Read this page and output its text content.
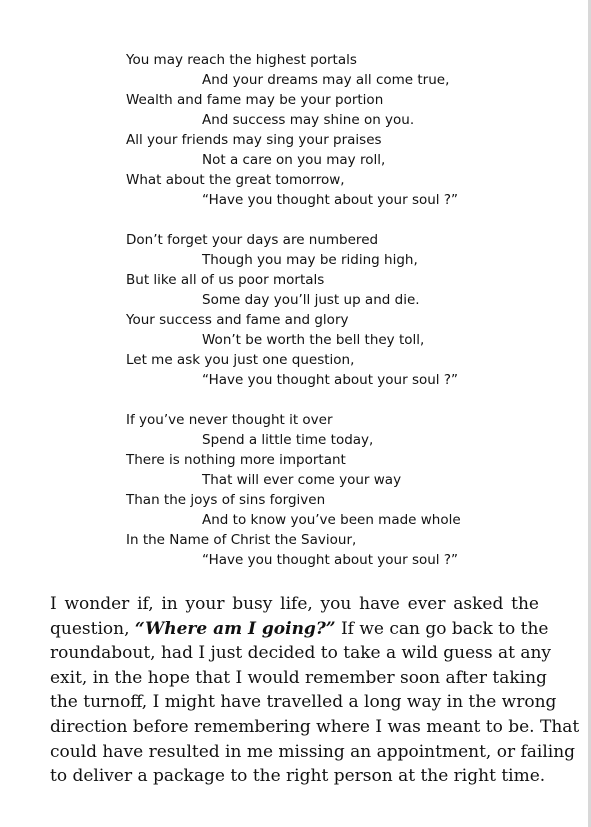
You may reach the highest portals
And your dreams may all come true,
Wealth and fame may be your portion
And success may shine on you.
All your friends may sing your praises
Not a care on you may roll,
What about the great tomorrow,
“Have you thought about your soul ?”
Don’t forget your days are numbered
Though you may be riding high,
But like all of us poor mortals
Some day you’ll just up and die.
Your success and fame and glory
Won’t be worth the bell they toll,
Let me ask you just one question,
“Have you thought about your soul ?”
If you’ve never thought it over
Spend a little time today,
There is nothing more important
That will ever come your way
Than the joys of sins forgiven
And to know you’ve been made whole
In the Name of Christ the Saviour,
“Have you thought about your soul ?”
I wonder if, in your busy life, you have ever asked the
question, “Where am I going?” If we can go back to the
roundabout, had I just decided to take a wild guess at any
exit, in the hope that I would remember soon after taking
the turnoff, I might have travelled a long way in the wrong
direction before remembering where I was meant to be. That
could have resulted in me missing an appointment, or failing
to deliver a package to the right person at the right time.
